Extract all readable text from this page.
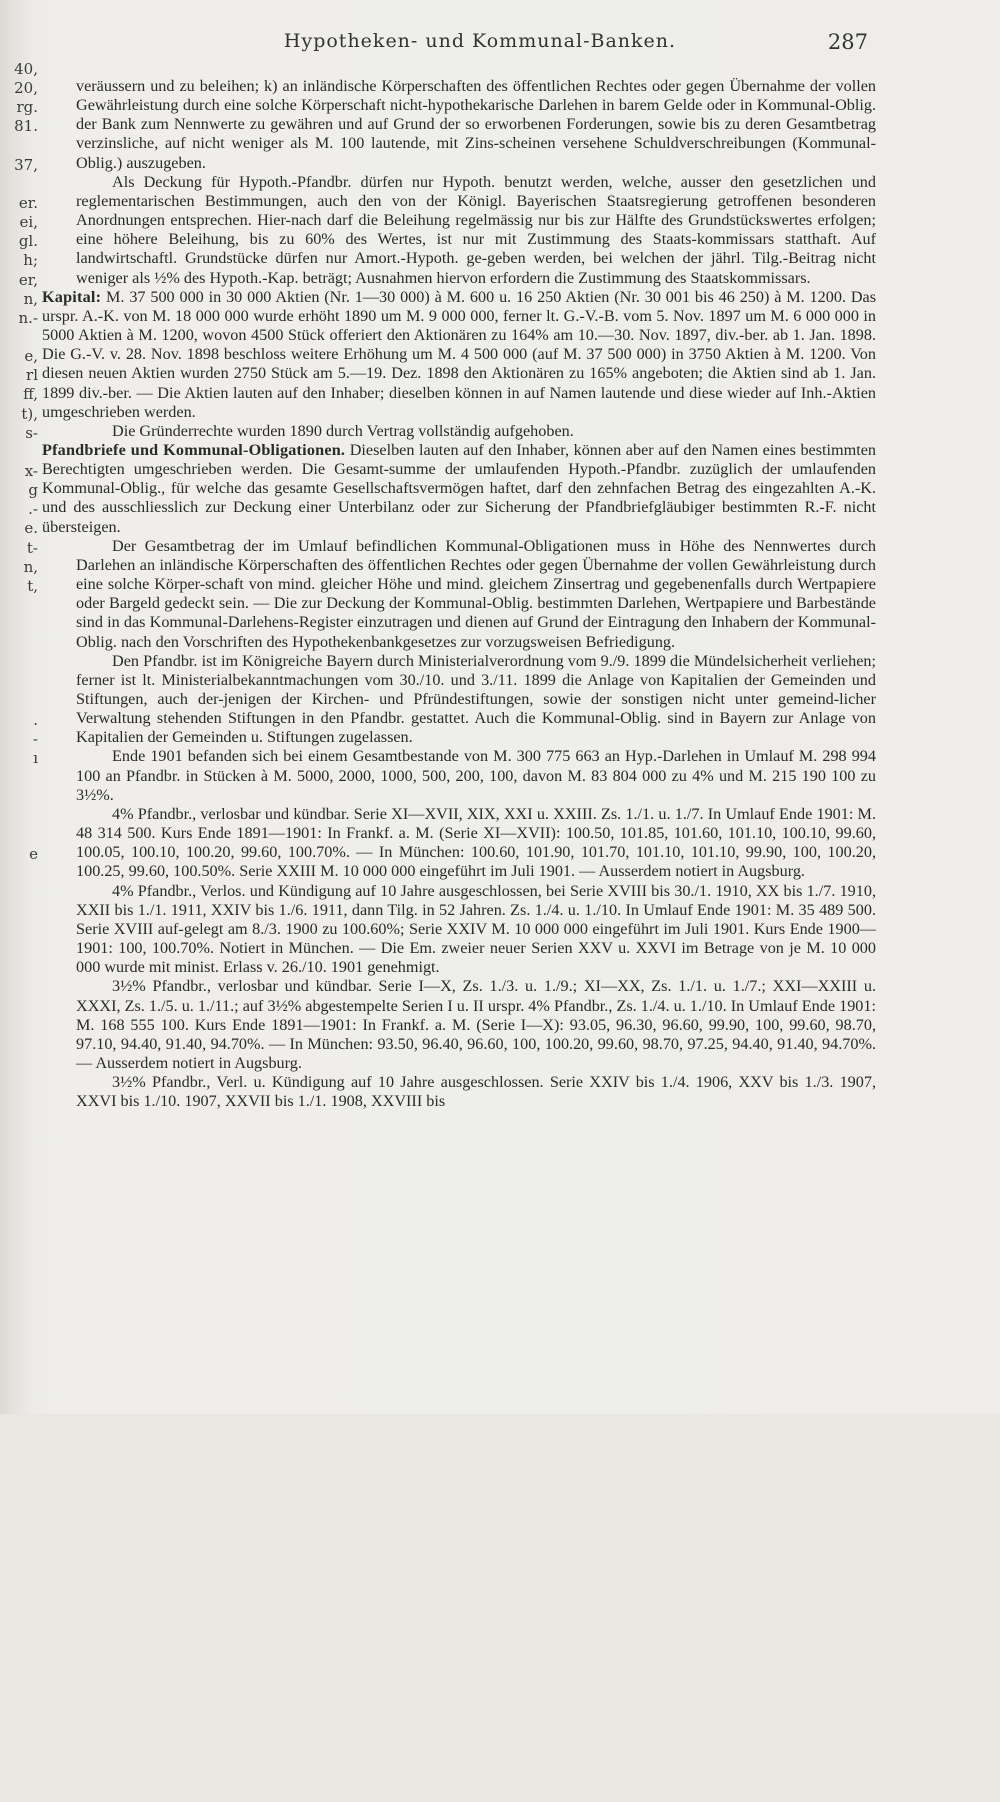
Hypotheken- und Kommunal-Banken.	287
40,
20,
rg.
81.
37,
er.
ei,
gl.
h;
er,
n,
n.-
e,
rl
ff,
t),
s-
x-
g
.-
e.
t-
n,
t,
.
-
ı
e

veräussern und zu beleihen; k) an inländische Körperschaften des öffentlichen Rechtes oder gegen Übernahme der vollen Gewährleistung durch eine solche Körperschaft nicht-hypothekarische Darlehen in barem Gelde oder in Kommunal-Oblig. der Bank zum Nennwerte zu gewähren und auf Grund der so erworbenen Forderungen, sowie bis zu deren Gesamtbetrag verzinsliche, auf nicht weniger als M. 100 lautende, mit Zins-scheinen versehene Schuldverschreibungen (Kommunal-Oblig.) auszugeben.

Als Deckung für Hypoth.-Pfandbr. dürfen nur Hypoth. benutzt werden, welche, ausser den gesetzlichen und reglementarischen Bestimmungen, auch den von der Königl. Bayerischen Staatsregierung getroffenen besonderen Anordnungen entsprechen. Hier-nach darf die Beleihung regelmässig nur bis zur Hälfte des Grundstückswertes erfolgen; eine höhere Beleihung, bis zu 60% des Wertes, ist nur mit Zustimmung des Staats-kommissars statthaft. Auf landwirtschaftl. Grundstücke dürfen nur Amort.-Hypoth. ge-geben werden, bei welchen der jährl. Tilg.-Beitrag nicht weniger als ½% des Hypoth.-Kap. beträgt; Ausnahmen hiervon erfordern die Zustimmung des Staatskommissars.

Kapital: M. 37 500 000 in 30 000 Aktien (Nr. 1—30 000) à M. 600 u. 16 250 Aktien (Nr. 30 001 bis 46 250) à M. 1200. Das urspr. A.-K. von M. 18 000 000 wurde erhöht 1890 um M. 9 000 000, ferner lt. G.-V.-B. vom 5. Nov. 1897 um M. 6 000 000 in 5000 Aktien à M. 1200, wovon 4500 Stück offeriert den Aktionären zu 164% am 10.—30. Nov. 1897, div.-ber. ab 1. Jan. 1898. Die G.-V. v. 28. Nov. 1898 beschloss weitere Erhöhung um M. 4 500 000 (auf M. 37 500 000) in 3750 Aktien à M. 1200. Von diesen neuen Aktien wurden 2750 Stück am 5.—19. Dez. 1898 den Aktionären zu 165% angeboten; die Aktien sind ab 1. Jan. 1899 div.-ber. — Die Aktien lauten auf den Inhaber; dieselben können in auf Namen lautende und diese wieder auf Inh.-Aktien umgeschrieben werden.

Die Gründerrechte wurden 1890 durch Vertrag vollständig aufgehoben.

Pfandbriefe und Kommunal-Obligationen. Dieselben lauten auf den Inhaber, können aber auf den Namen eines bestimmten Berechtigten umgeschrieben werden. Die Gesamt-summe der umlaufenden Hypoth.-Pfandbr. zuzüglich der umlaufenden Kommunal-Oblig., für welche das gesamte Gesellschaftsvermögen haftet, darf den zehnfachen Betrag des eingezahlten A.-K. und des ausschliesslich zur Deckung einer Unterbilanz oder zur Sicherung der Pfandbriefgläubiger bestimmten R.-F. nicht übersteigen.

Der Gesamtbetrag der im Umlauf befindlichen Kommunal-Obligationen muss in Höhe des Nennwertes durch Darlehen an inländische Körperschaften des öffentlichen Rechtes oder gegen Übernahme der vollen Gewährleistung durch eine solche Körper-schaft von mind. gleicher Höhe und mind. gleichem Zinsertrag und gegebenenfalls durch Wertpapiere oder Bargeld gedeckt sein. — Die zur Deckung der Kommunal-Oblig. bestimmten Darlehen, Wertpapiere und Barbestände sind in das Kommunal-Darlehens-Register einzutragen und dienen auf Grund der Eintragung den Inhabern der Kommunal-Oblig. nach den Vorschriften des Hypothekenbankgesetzes zur vorzugsweisen Befriedigung.

Den Pfandbr. ist im Königreiche Bayern durch Ministerialverordnung vom 9./9. 1899 die Mündelsicherheit verliehen; ferner ist lt. Ministerialbekanntmachungen vom 30./10. und 3./11. 1899 die Anlage von Kapitalien der Gemeinden und Stiftungen, auch der-jenigen der Kirchen- und Pfründestiftungen, sowie der sonstigen nicht unter gemeind-licher Verwaltung stehenden Stiftungen in den Pfandbr. gestattet. Auch die Kommunal-Oblig. sind in Bayern zur Anlage von Kapitalien der Gemeinden u. Stiftungen zugelassen.

Ende 1901 befanden sich bei einem Gesamtbestande von M. 300 775 663 an Hyp.-Darlehen in Umlauf M. 298 994 100 an Pfandbr. in Stücken à M. 5000, 2000, 1000, 500, 200, 100, davon M. 83 804 000 zu 4% und M. 215 190 100 zu 3½%.

4% Pfandbr., verlosbar und kündbar. Serie XI—XVII, XIX, XXI u. XXIII. Zs. 1./1. u. 1./7. In Umlauf Ende 1901: M. 48 314 500. Kurs Ende 1891—1901: In Frankf. a. M. (Serie XI—XVII): 100.50, 101.85, 101.60, 101.10, 100.10, 99.60, 100.05, 100.10, 100.20, 99.60, 100.70%. — In München: 100.60, 101.90, 101.70, 101.10, 101.10, 99.90, 100, 100.20, 100.25, 99.60, 100.50%. Serie XXIII M. 10 000 000 eingeführt im Juli 1901. — Ausserdem notiert in Augsburg.

4% Pfandbr., Verlos. und Kündigung auf 10 Jahre ausgeschlossen, bei Serie XVIII bis 30./1. 1910, XX bis 1./7. 1910, XXII bis 1./1. 1911, XXIV bis 1./6. 1911, dann Tilg. in 52 Jahren. Zs. 1./4. u. 1./10. In Umlauf Ende 1901: M. 35 489 500. Serie XVIII auf-gelegt am 8./3. 1900 zu 100.60%; Serie XXIV M. 10 000 000 eingeführt im Juli 1901. Kurs Ende 1900—1901: 100, 100.70%. Notiert in München. — Die Em. zweier neuer Serien XXV u. XXVI im Betrage von je M. 10 000 000 wurde mit minist. Erlass v. 26./10. 1901 genehmigt.

3½% Pfandbr., verlosbar und kündbar. Serie I—X, Zs. 1./3. u. 1./9.; XI—XX, Zs. 1./1. u. 1./7.; XXI—XXIII u. XXXI, Zs. 1./5. u. 1./11.; auf 3½% abgestempelte Serien I u. II urspr. 4% Pfandbr., Zs. 1./4. u. 1./10. In Umlauf Ende 1901: M. 168 555 100. Kurs Ende 1891—1901: In Frankf. a. M. (Serie I—X): 93.05, 96.30, 96.60, 99.90, 100, 99.60, 98.70, 97.10, 94.40, 91.40, 94.70%. — In München: 93.50, 96.40, 96.60, 100, 100.20, 99.60, 98.70, 97.25, 94.40, 91.40, 94.70%. — Ausserdem notiert in Augsburg.

3½% Pfandbr., Verl. u. Kündigung auf 10 Jahre ausgeschlossen. Serie XXIV bis 1./4. 1906, XXV bis 1./3. 1907, XXVI bis 1./10. 1907, XXVII bis 1./1. 1908, XXVIII bis
